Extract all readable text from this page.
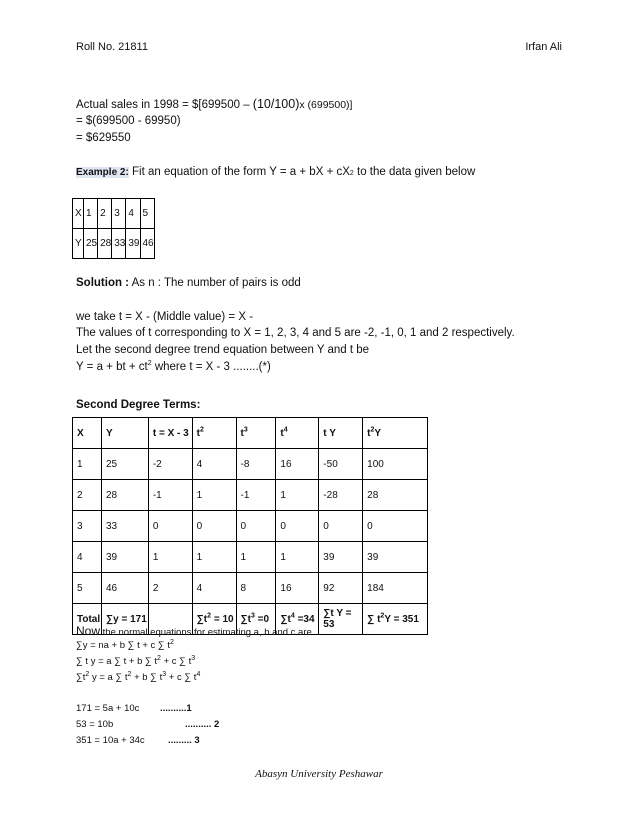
Roll No. 21811	Irfan Ali
Actual sales in 1998 = $[699500 – (10/100)x (699500)]
= $(699500 - 69950)
= $629550
Example 2: Fit an equation of the form Y = a + bX + cX2 to the data given below
X	1	2	3	4	5
Y	25	28	33	39	46
Solution : As n : The number of pairs is odd
we take t = X - (Middle value) = X -
The values of t corresponding to X = 1, 2, 3, 4 and 5 are -2, -1, 0, 1 and 2 respectively.
Let the second degree trend equation between Y and t be
Y = a + bt + $ct^2$ where t = X - 3 ........(*)
Second Degree Terms:
X	Y	t = X - 3	$t^2$	$t^3$	$t^4$	t Y	$t^2Y$
1	25	-2	4	-8	16	-50	100
2	28	-1	1	-1	1	-28	28
3	33	0	0	0	0	0	0
4	39	1	1	1	1	39	39
5	46	2	4	8	16	92	184
Total	∑y = 171		$\sum t^2 = 10$	$\sum t^3 =0$	$\sum t^4 =34$	∑t Y = 53	∑ $t^2Y = 351$
Now the normal equations for estimating a, b and c are
∑y = na + b ∑ t + c ∑ $t^2$
∑ t y = a ∑ t + b ∑ $t^2 + c$ ∑ $t^3$
$\sum t^2$ y = a ∑ $t^2 + b$ ∑ $t^3 + c$ ∑ $t^4$
171 = 5a + 10c ..........1
53 = 10b	.......... 2
351 = 10a + 34c ......... 3
Abasyn University Peshawar
